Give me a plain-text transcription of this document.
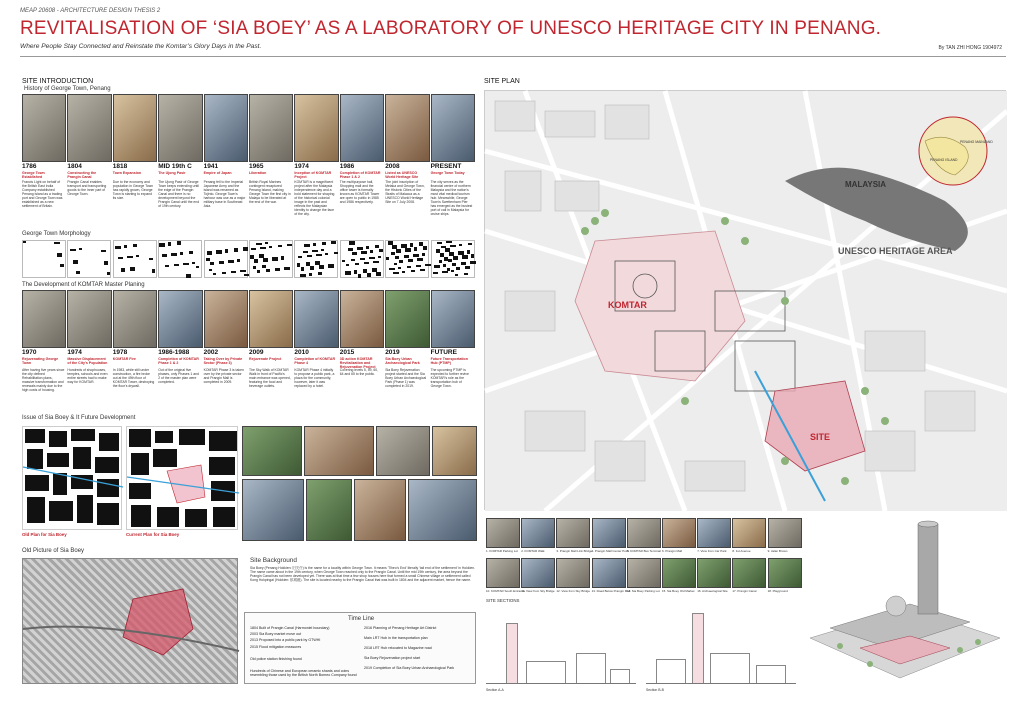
MEAP 20608 - ARCHITECTURE DESIGN THESIS 2
REVITALISATION OF ‘SIA BOEY’ AS A LABORATORY OF UNESCO HERITAGE CITY IN PENANG.
Where People Stay Connected and Reinstate the Komtar’s Glory Days in the Past.	By TAN ZHI HONG 1904972
SITE INTRODUCTION
History of George Town, Penang
1786
George Town Established
Francis Light on behalf of the British East India Company established Penang island as a trading port and George Town was established as a new settlement of Britain.
1804
Constructing the Prangin Canal
Prangin Canal enables transport and transporting goods to the inner part of George Town.
1818
Town Expansion
Due to the economy and population in George Town has rapidly grown, George Town is starting to expand its size.
MID 19th C
The Ujong Pasir
The Ujong Pasir of George Town keeps extending until the edge of the Prangin Canal and there is no development beyond the Prangin Canal until the end of 19th century.
1941
Empire of Japan
Penang fell to the Imperial Japanese Army and the island was renamed as Tojinto. George Town's harbour was use as a major military base in Southeast Asia.
1965
Liberation
British Royal Marines contingent recaptured Penang Island, making George Town the first city in Malaya to be liberated at the end of the war.
1974
Inception of KOMTAR Project
KOMTAR is a magnificent project after the Malaysia independence day and a bold statement for shaping of the historical colonial image in the past and reflects the Malaysian identity to change the face of the city.
1986
Completion of KOMTAR Phase 1 & 2
The multipurpose hall, Shopping mall and the office tower is formally known as KOMTAR Tower are open to public in 1985 and 1986 respectively.
2008
Listed as UNESCO World Heritage Site
The joint inscription of Melaka and George Town, the Historic Cities of the Straits of Malacca as a UNESCO World Heritage Site on 7 July 2008.
PRESENT
George Town Today
The city serves as the financial centre of northern Malaysia and the nation's most vital medical tourism hub. Meanwhile, George Town's Swettenham Pier has emerged as the busiest port of call in Malaysia for cruise ships.
George Town Morphology
The Development of KOMTAR Master Planing
1970
Rejuvenating George Town
After having five years since the city defined Rehabilitation plans, massive transformation and renewals mainly due to the high costs of housing.
1974
Massive Displacement of the City's Population
Hundreds of shophouses, temples, schools and even entire streets had to make way for KOMTAR.
1978
KOMTAR Fire
In 1983, while still under construction, a fire broke out at the 49th floor of KOMTAR Tower, destroying the floor's drywall.
1986-1988
Completion of KOMTAR Phase 1 & 2
Out of the original five phases, only Phases 1 and 2 of the master plan were completed.
2002
Taking Over by Private Sector (Phase 3)
KOMTAR Phase 3 is taken over by the private sector and Prangin Mall is completed in 2009.
2009
Rejuvenate Project
The Sky Walk of KOMTAR Walk in front of Pacific's main entrance was opened, featuring the food and beverage outlets.
2010
Completion of KOMTAR Phase 4
KOMTAR Phase 4 initially to propose a public park, a plaza for the community, however, later it was replaced by a hotel.
2015
3D action KOMTAR Revitalization and Rejuvenation Project
Covering levels 5, 59, 60, 64 and 65 to the public.
2019
Sia Boey Urban Archaeological Park
Sia Boey Rejuvenation project started and the Sia Boey Urban Archaeological Park (Phase 1) was completed in 2019.
FUTURE
Future Transportation Hub (PTMP)
The upcoming PTMP is expected to further revive KOMTAR's role as the transportation hub of George Town.
Issue of Sia Boey & It Future Development
Old Plan for Sia Boey	Current Plan for Sia Boey
Old Picture of Sia Boey
Site Background
Sia Boey (Penang Hokkien: 旧关仔) is the name for a locality within George Town. It means 'Tiheo's End' literally 'tail end of the settlement' in Hokkien. The name came about in the 19th century, when George Town reached only to the Prangin Canal. Until the mid 19th century, the area beyond the Prangin Canal has not been developed yet. There was at that time a few shop houses here that formed a small Chinese village or settlement called Kong Hokpingai (Hokkien: 槟城港). The site is located nearby to the Prangin Canal that was built in 1804 and the adjacent market, hence the name.
Time Line
1804 Built of Prangin Canal (Harmoniel boundary)
2003 Sia Boey market move out
2013 Proposed into a public park by GTWHI
2015 Flood mitigation measures
Old police station finishing found
Hundreds of Chinese and European ceramic shards and coins resembling those used by the British North Borneo Company found
2016 Planning of Penang Heritage Art District
Main LRT Hub in the transportation plan
2018 LRT Hub relocated to Magazine road
Sia Boey Rejuvenation project start
2019 Completion of Sia Boey Urban Archaeological Park
SITE PLAN
KOMTAR
SITE
UNESCO HERITAGE AREA
MALAYSIA
PENANG ISLAND
PENANG MAINLAND
1. KOMTAR Parking Lot	2. KOMTAR Walk	3. Prangin Mall Link Bridge 4. Prangin Mall Center Point
5. KOMTAR Bus Terminal 6. Prangin Mall	7. View from Car Park	8. 1st Avenue	9. Jalan Brown
10. KOMTAR South Entrance
11. View from Sky Bridge 12. View from Sky Bridge 13. Road Below Prangin Mall
14. Sia Boey Parking Lot 15. Sia Boey Old Market 16. Archaeological Site	17. Prangin Canal	18. Playground
SITE SECTIONS
Section A-A	Section B-B
